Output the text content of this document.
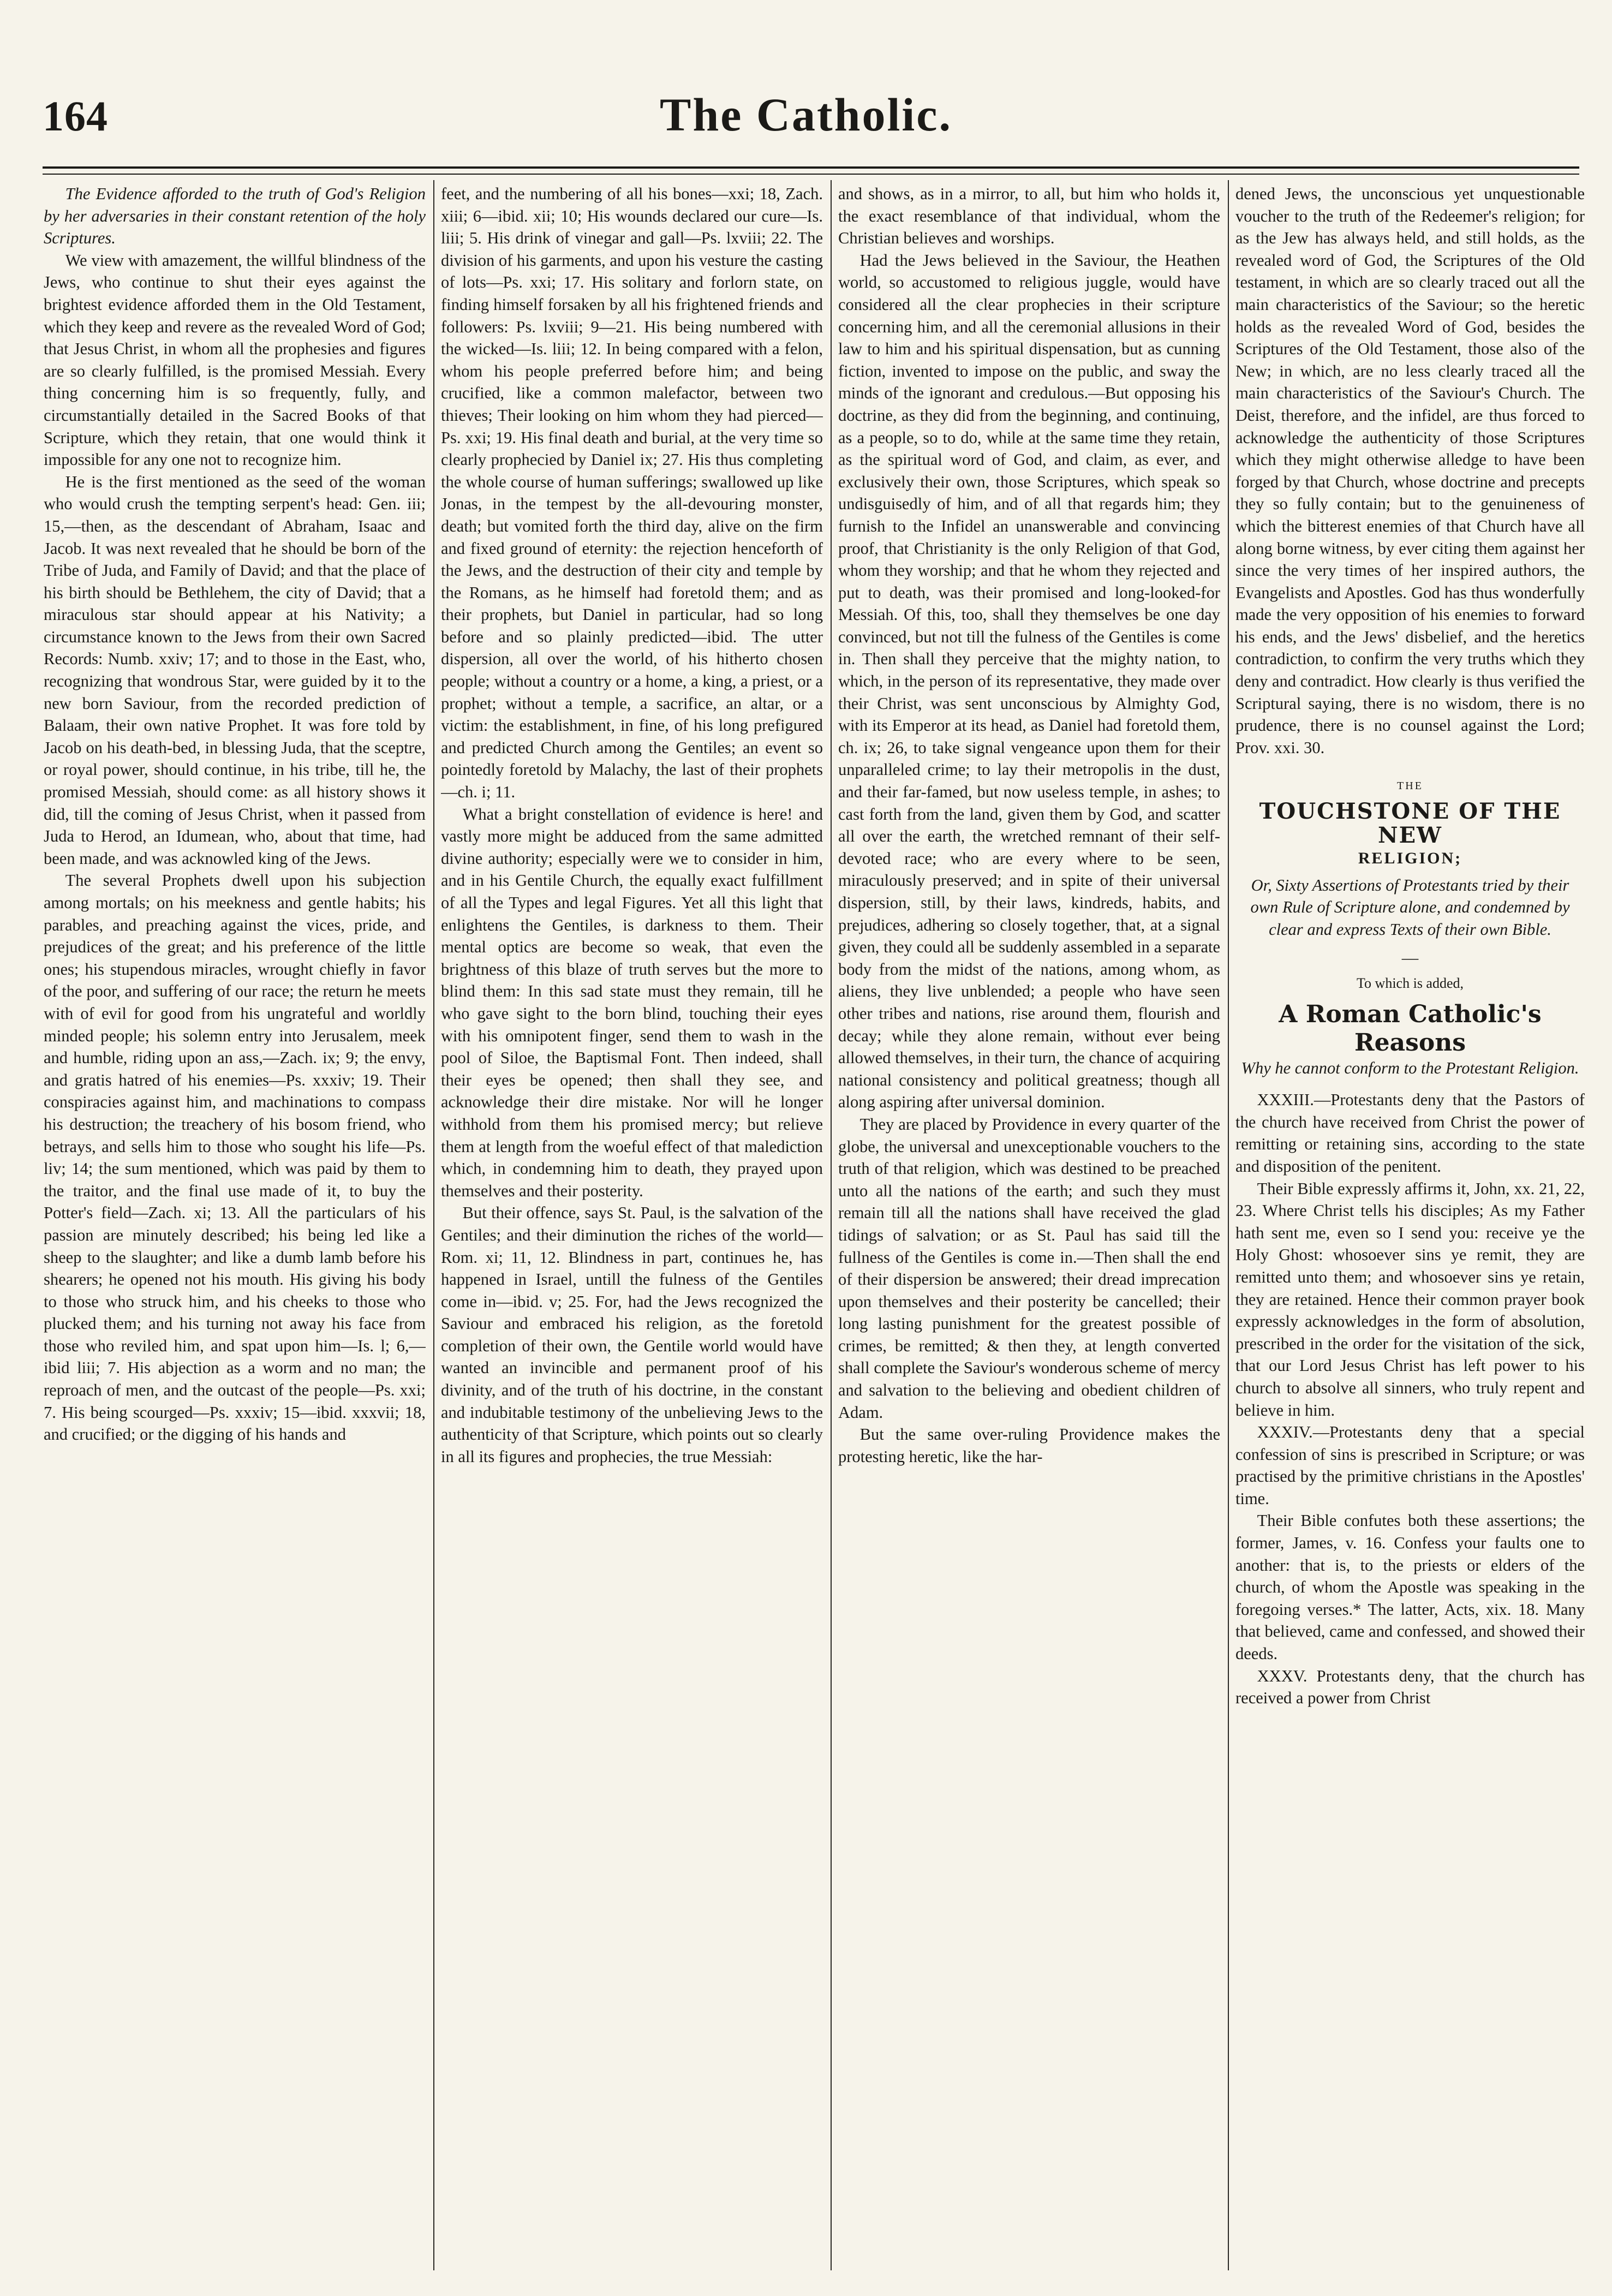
164	The Catholic.

The Evidence afforded to the truth of God's Religion by her adversaries in their constant retention of the holy Scriptures.

We view with amazement, the willful blindness of the Jews, who continue to shut their eyes against the brightest evidence afforded them in the Old Testament, which they keep and revere as the revealed Word of God; that Jesus Christ, in whom all the prophesies and figures are so clearly fulfilled, is the promised Messiah. Every thing concerning him is so frequently, fully, and circumstantially detailed in the Sacred Books of that Scripture, which they retain, that one would think it impossible for any one not to recognize him.

He is the first mentioned as the seed of the woman who would crush the tempting serpent's head: Gen. iii; 15,—then, as the descendant of Abraham, Isaac and Jacob. It was next revealed that he should be born of the Tribe of Juda, and Family of David; and that the place of his birth should be Bethlehem, the city of David; that a miraculous star should appear at his Nativity; a circumstance known to the Jews from their own Sacred Records: Numb. xxiv; 17; and to those in the East, who, recognizing that wondrous Star, were guided by it to the new born Saviour, from the recorded prediction of Balaam, their own native Prophet. It was fore told by Jacob on his death-bed, in blessing Juda, that the sceptre, or royal power, should continue, in his tribe, till he, the promised Messiah, should come: as all history shows it did, till the coming of Jesus Christ, when it passed from Juda to Herod, an Idumean, who, about that time, had been made, and was acknowled king of the Jews.

The several Prophets dwell upon his subjection among mortals; on his meekness and gentle habits; his parables, and preaching against the vices, pride, and prejudices of the great; and his preference of the little ones; his stupendous miracles, wrought chiefly in favor of the poor, and suffering of our race; the return he meets with of evil for good from his ungrateful and worldly minded people; his solemn entry into Jerusalem, meek and humble, riding upon an ass,—Zach. ix; 9; the envy, and gratis hatred of his enemies—Ps. xxxiv; 19. Their conspiracies against him, and machinations to compass his destruction; the treachery of his bosom friend, who betrays, and sells him to those who sought his life—Ps. liv; 14; the sum mentioned, which was paid by them to the traitor, and the final use made of it, to buy the Potter's field—Zach. xi; 13. All the particulars of his passion are minutely described; his being led like a sheep to the slaughter; and like a dumb lamb before his shearers; he opened not his mouth. His giving his body to those who struck him, and his cheeks to those who plucked them; and his turning not away his face from those who reviled him, and spat upon him—Is. l; 6,—ibid liii; 7. His abjection as a worm and no man; the reproach of men, and the outcast of the people—Ps. xxi; 7. His being scourged—Ps. xxxiv; 15—ibid. xxxvii; 18, and crucified; or the digging of his hands and

feet, and the numbering of all his bones—xxi; 18, Zach. xiii; 6—ibid. xii; 10; His wounds declared our cure—Is. liii; 5. His drink of vinegar and gall—Ps. lxviii; 22. The division of his garments, and upon his vesture the casting of lots—Ps. xxi; 17. His solitary and forlorn state, on finding himself forsaken by all his frightened friends and followers: Ps. lxviii; 9—21. His being numbered with the wicked—Is. liii; 12. In being compared with a felon, whom his people preferred before him; and being crucified, like a common malefactor, between two thieves; Their looking on him whom they had pierced—Ps. xxi; 19. His final death and burial, at the very time so clearly prophecied by Daniel ix; 27. His thus completing the whole course of human sufferings; swallowed up like Jonas, in the tempest by the all-devouring monster, death; but vomited forth the third day, alive on the firm and fixed ground of eternity: the rejection henceforth of the Jews, and the destruction of their city and temple by the Romans, as he himself had foretold them; and as their prophets, but Daniel in particular, had so long before and so plainly predicted—ibid. The utter dispersion, all over the world, of his hitherto chosen people; without a country or a home, a king, a priest, or a prophet; without a temple, a sacrifice, an altar, or a victim: the establishment, in fine, of his long prefigured and predicted Church among the Gentiles; an event so pointedly foretold by Malachy, the last of their prophets—ch. i; 11.

What a bright constellation of evidence is here! and vastly more might be adduced from the same admitted divine authority; especially were we to consider in him, and in his Gentile Church, the equally exact fulfillment of all the Types and legal Figures. Yet all this light that enlightens the Gentiles, is darkness to them. Their mental optics are become so weak, that even the brightness of this blaze of truth serves but the more to blind them: In this sad state must they remain, till he who gave sight to the born blind, touching their eyes with his omnipotent finger, send them to wash in the pool of Siloe, the Baptismal Font. Then indeed, shall their eyes be opened; then shall they see, and acknowledge their dire mistake. Nor will he longer withhold from them his promised mercy; but relieve them at length from the woeful effect of that malediction which, in condemning him to death, they prayed upon themselves and their posterity.

But their offence, says St. Paul, is the salvation of the Gentiles; and their diminution the riches of the world—Rom. xi; 11, 12. Blindness in part, continues he, has happened in Israel, untill the fulness of the Gentiles come in—ibid. v; 25. For, had the Jews recognized the Saviour and embraced his religion, as the foretold completion of their own, the Gentile world would have wanted an invincible and permanent proof of his divinity, and of the truth of his doctrine, in the constant and indubitable testimony of the unbelieving Jews to the authenticity of that Scripture, which points out so clearly in all its figures and prophecies, the true Messiah:

and shows, as in a mirror, to all, but him who holds it, the exact resemblance of that individual, whom the Christian believes and worships.

Had the Jews believed in the Saviour, the Heathen world, so accustomed to religious juggle, would have considered all the clear prophecies in their scripture concerning him, and all the ceremonial allusions in their law to him and his spiritual dispensation, but as cunning fiction, invented to impose on the public, and sway the minds of the ignorant and credulous.—But opposing his doctrine, as they did from the beginning, and continuing, as a people, so to do, while at the same time they retain, as the spiritual word of God, and claim, as ever, and exclusively their own, those Scriptures, which speak so undisguisedly of him, and of all that regards him; they furnish to the Infidel an unanswerable and convincing proof, that Christianity is the only Religion of that God, whom they worship; and that he whom they rejected and put to death, was their promised and long-looked-for Messiah. Of this, too, shall they themselves be one day convinced, but not till the fulness of the Gentiles is come in. Then shall they perceive that the mighty nation, to which, in the person of its representative, they made over their Christ, was sent unconscious by Almighty God, with its Emperor at its head, as Daniel had foretold them, ch. ix; 26, to take signal vengeance upon them for their unparalleled crime; to lay their metropolis in the dust, and their far-famed, but now useless temple, in ashes; to cast forth from the land, given them by God, and scatter all over the earth, the wretched remnant of their self-devoted race; who are every where to be seen, miraculously preserved; and in spite of their universal dispersion, still, by their laws, kindreds, habits, and prejudices, adhering so closely together, that, at a signal given, they could all be suddenly assembled in a separate body from the midst of the nations, among whom, as aliens, they live unblended; a people who have seen other tribes and nations, rise around them, flourish and decay; while they alone remain, without ever being allowed themselves, in their turn, the chance of acquiring national consistency and political greatness; though all along aspiring after universal dominion.

They are placed by Providence in every quarter of the globe, the universal and unexceptionable vouchers to the truth of that religion, which was destined to be preached unto all the nations of the earth; and such they must remain till all the nations shall have received the glad tidings of salvation; or as St. Paul has said till the fullness of the Gentiles is come in.—Then shall the end of their dispersion be answered; their dread imprecation upon themselves and their posterity be cancelled; their long lasting punishment for the greatest possible of crimes, be remitted; & then they, at length converted shall complete the Saviour's wonderous scheme of mercy and salvation to the believing and obedient children of Adam.

But the same over-ruling Providence makes the protesting heretic, like the har-

dened Jews, the unconscious yet unquestionable voucher to the truth of the Redeemer's religion; for as the Jew has always held, and still holds, as the revealed word of God, the Scriptures of the Old testament, in which are so clearly traced out all the main characteristics of the Saviour; so the heretic holds as the revealed Word of God, besides the Scriptures of the Old Testament, those also of the New; in which, are no less clearly traced all the main characteristics of the Saviour's Church. The Deist, therefore, and the infidel, are thus forced to acknowledge the authenticity of those Scriptures which they might otherwise alledge to have been forged by that Church, whose doctrine and precepts they so fully contain; but to the genuineness of which the bitterest enemies of that Church have all along borne witness, by ever citing them against her since the very times of her inspired authors, the Evangelists and Apostles. God has thus wonderfully made the very opposition of his enemies to forward his ends, and the Jews' disbelief, and the heretics contradiction, to confirm the very truths which they deny and contradict. How clearly is thus verified the Scriptural saying, there is no wisdom, there is no prudence, there is no counsel against the Lord; Prov. xxi. 30.

THE
TOUCHSTONE OF THE NEW
RELIGION;
Or, Sixty Assertions of Protestants tried by their own Rule of Scripture alone, and condemned by clear and express Texts of their own Bible.
—
To which is added,
A Roman Catholic's Reasons
Why he cannot conform to the Protestant Religion.

XXXIII.—Protestants deny that the Pastors of the church have received from Christ the power of remitting or retaining sins, according to the state and disposition of the penitent.

Their Bible expressly affirms it, John, xx. 21, 22, 23. Where Christ tells his disciples; As my Father hath sent me, even so I send you: receive ye the Holy Ghost: whosoever sins ye remit, they are remitted unto them; and whosoever sins ye retain, they are retained. Hence their common prayer book expressly acknowledges in the form of absolution, prescribed in the order for the visitation of the sick, that our Lord Jesus Christ has left power to his church to absolve all sinners, who truly repent and believe in him.

XXXIV.—Protestants deny that a special confession of sins is prescribed in Scripture; or was practised by the primitive christians in the Apostles' time.

Their Bible confutes both these assertions; the former, James, v. 16. Confess your faults one to another: that is, to the priests or elders of the church, of whom the Apostle was speaking in the foregoing verses.* The latter, Acts, xix. 18. Many that believed, came and confessed, and showed their deeds.

XXXV. Protestants deny, that the church has received a power from Christ
